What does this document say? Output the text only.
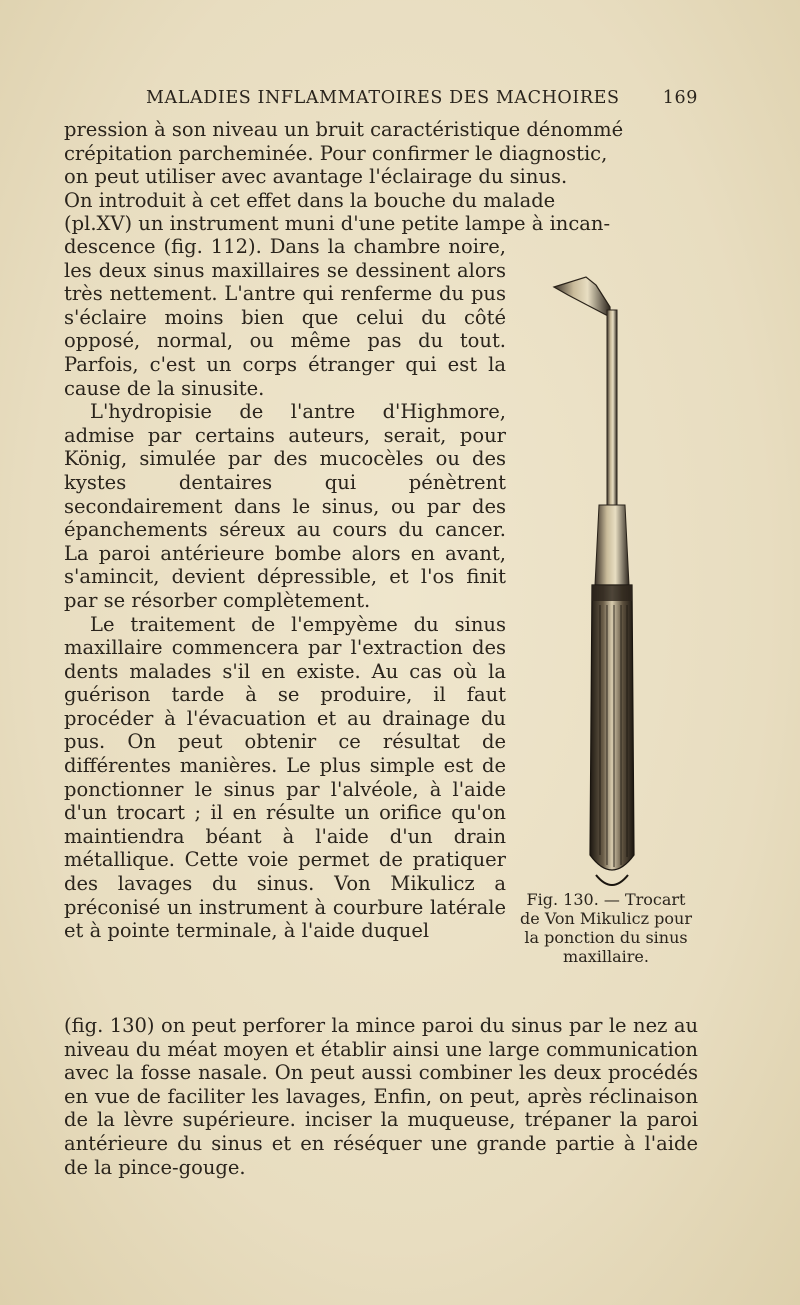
MALADIES INFLAMMATOIRES DES MACHOIRES 169

pression à son niveau un bruit caractéristique dénommé

crépitation parcheminée. Pour confirmer le diagnostic,

on peut utiliser avec avantage l'éclairage du sinus.

On introduit à cet effet dans la bouche du malade

(pl.XV) un instrument muni d'une petite lampe à incan-

descence (fig. 112). Dans la chambre noire, les deux sinus maxillaires se dessinent alors très nettement. L'antre qui renferme du pus s'éclaire moins bien que celui du côté opposé, normal, ou même pas du tout. Parfois, c'est un corps étranger qui est la cause de la sinusite.

L'hydropisie de l'antre d'Highmore, admise par certains auteurs, serait, pour König, simulée par des mucocèles ou des kystes dentaires qui pénètrent secondairement dans le sinus, ou par des épanchements séreux au cours du cancer. La paroi antérieure bombe alors en avant, s'amincit, devient dépressible, et l'os finit par se résorber complètement.

Le traitement de l'empyème du sinus maxillaire commencera par l'extraction des dents malades s'il en existe. Au cas où la guérison tarde à se produire, il faut procéder à l'évacuation et au drainage du pus. On peut obtenir ce résultat de différentes manières. Le plus simple est de ponctionner le sinus par l'alvéole, à l'aide d'un trocart ; il en résulte un orifice qu'on maintiendra béant à l'aide d'un drain métallique. Cette voie permet de pratiquer des lavages du sinus. Von Mikulicz a préconisé un instrument à courbure latérale et à pointe terminale, à l'aide duquel

(fig. 130) on peut perforer la mince paroi du sinus par le nez au niveau du méat moyen et établir ainsi une large communication avec la fosse nasale. On peut aussi combiner les deux procédés en vue de faciliter les lavages, Enfin, on peut, après réclinaison de la lèvre supérieure. inciser la muqueuse, trépaner la paroi antérieure du sinus et en réséquer une grande partie à l'aide de la pince-gouge.

Fig. 130. — Trocart de Von Mikulicz pour la ponction du sinus maxillaire.
